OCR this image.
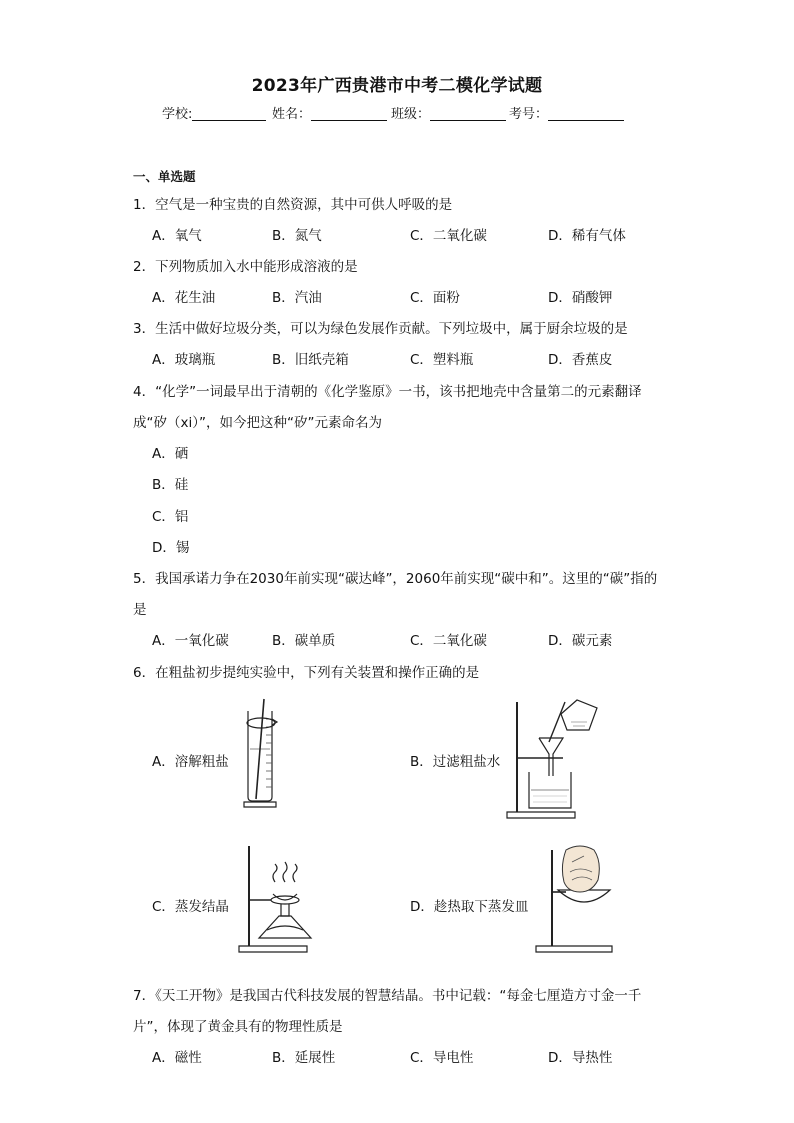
2023年广西贵港市中考二模化学试题
学校:	姓名：	班级：	考号：
一、单选题
1．空气是一种宝贵的自然资源，其中可供人呼吸的是
A．氧气	B．氮气	C．二氧化碳	D．稀有气体
2．下列物质加入水中能形成溶液的是
A．花生油	B．汽油	C．面粉	D．硝酸钾
3．生活中做好垃圾分类，可以为绿色发展作贡献。下列垃圾中，属于厨余垃圾的是
A．玻璃瓶	B．旧纸壳箱	C．塑料瓶	D．香蕉皮
4．“化学”一词最早出于清朝的《化学鉴原》一书，该书把地壳中含量第二的元素翻译
成“矽（xi）”，如今把这种“矽”元素命名为
A．硒
B．硅
C．铝
D．锡
5．我国承诺力争在2030年前实现“碳达峰”，2060年前实现“碳中和”。这里的“碳”指的
是
A．一氧化碳	B．碳单质	C．二氧化碳	D．碳元素
6．在粗盐初步提纯实验中，下列有关装置和操作正确的是
A．溶解粗盐	B．过滤粗盐水
C．蒸发结晶	D．趁热取下蒸发皿
7．《天工开物》是我国古代科技发展的智慧结晶。书中记载：“每金七厘造方寸金一千
片”，体现了黄金具有的物理性质是
A．磁性	B．延展性	C．导电性	D．导热性
